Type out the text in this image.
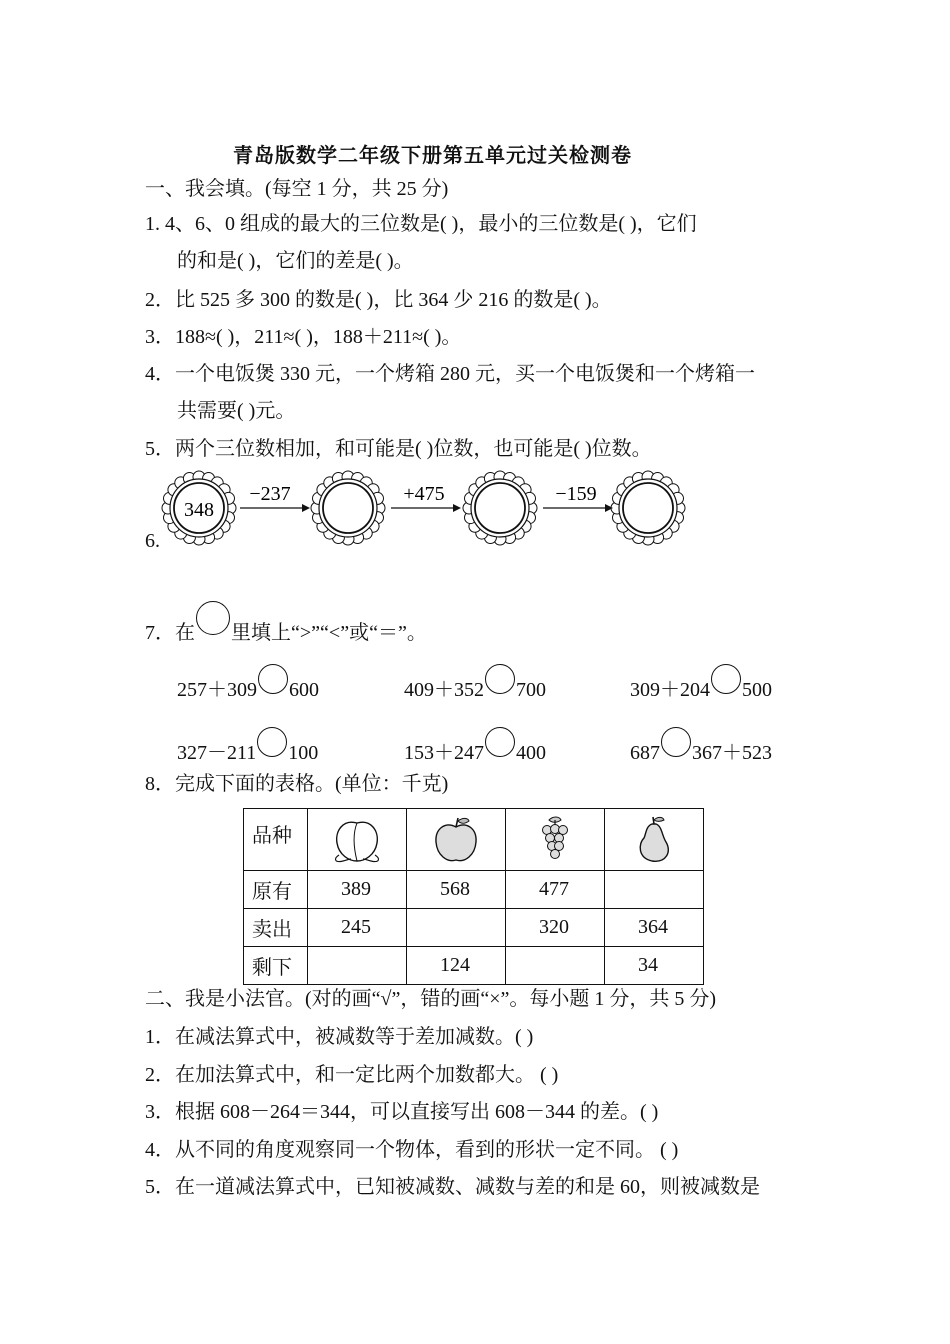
青岛版数学二年级下册第五单元过关检测卷
一、我会填。(每空 1 分，共 25 分)
1. 4、6、0 组成的最大的三位数是( )，最小的三位数是( )，它们
的和是( )，它们的差是( )。
2．比 525 多 300 的数是( )，比 364 少 216 的数是( )。
3．188≈( )，211≈( )，188＋211≈( )。
4．一个电饭煲 330 元，一个烤箱 280 元，买一个电饭煲和一个烤箱一
共需要( )元。
5．两个三位数相加，和可能是( )位数，也可能是( )位数。
6.
348
−237	+475	−159
7．在 里填上“>”“<”或“＝”。
257＋309 600	409＋352 700	309＋204 500
327－211 100	153＋247 400	687 367＋523
8．完成下面的表格。(单位：千克)
品种	

原有	389	568	477	
卖出	245		320	364
剩下		124		34
二、我是小法官。(对的画“√”，错的画“×”。每小题 1 分，共 5 分)
1．在减法算式中，被减数等于差加减数。( )
2．在加法算式中，和一定比两个加数都大。 ( )
3．根据 608－264＝344，可以直接写出 608－344 的差。( )
4．从不同的角度观察同一个物体，看到的形状一定不同。 ( )
5．在一道减法算式中，已知被减数、减数与差的和是 60，则被减数是
